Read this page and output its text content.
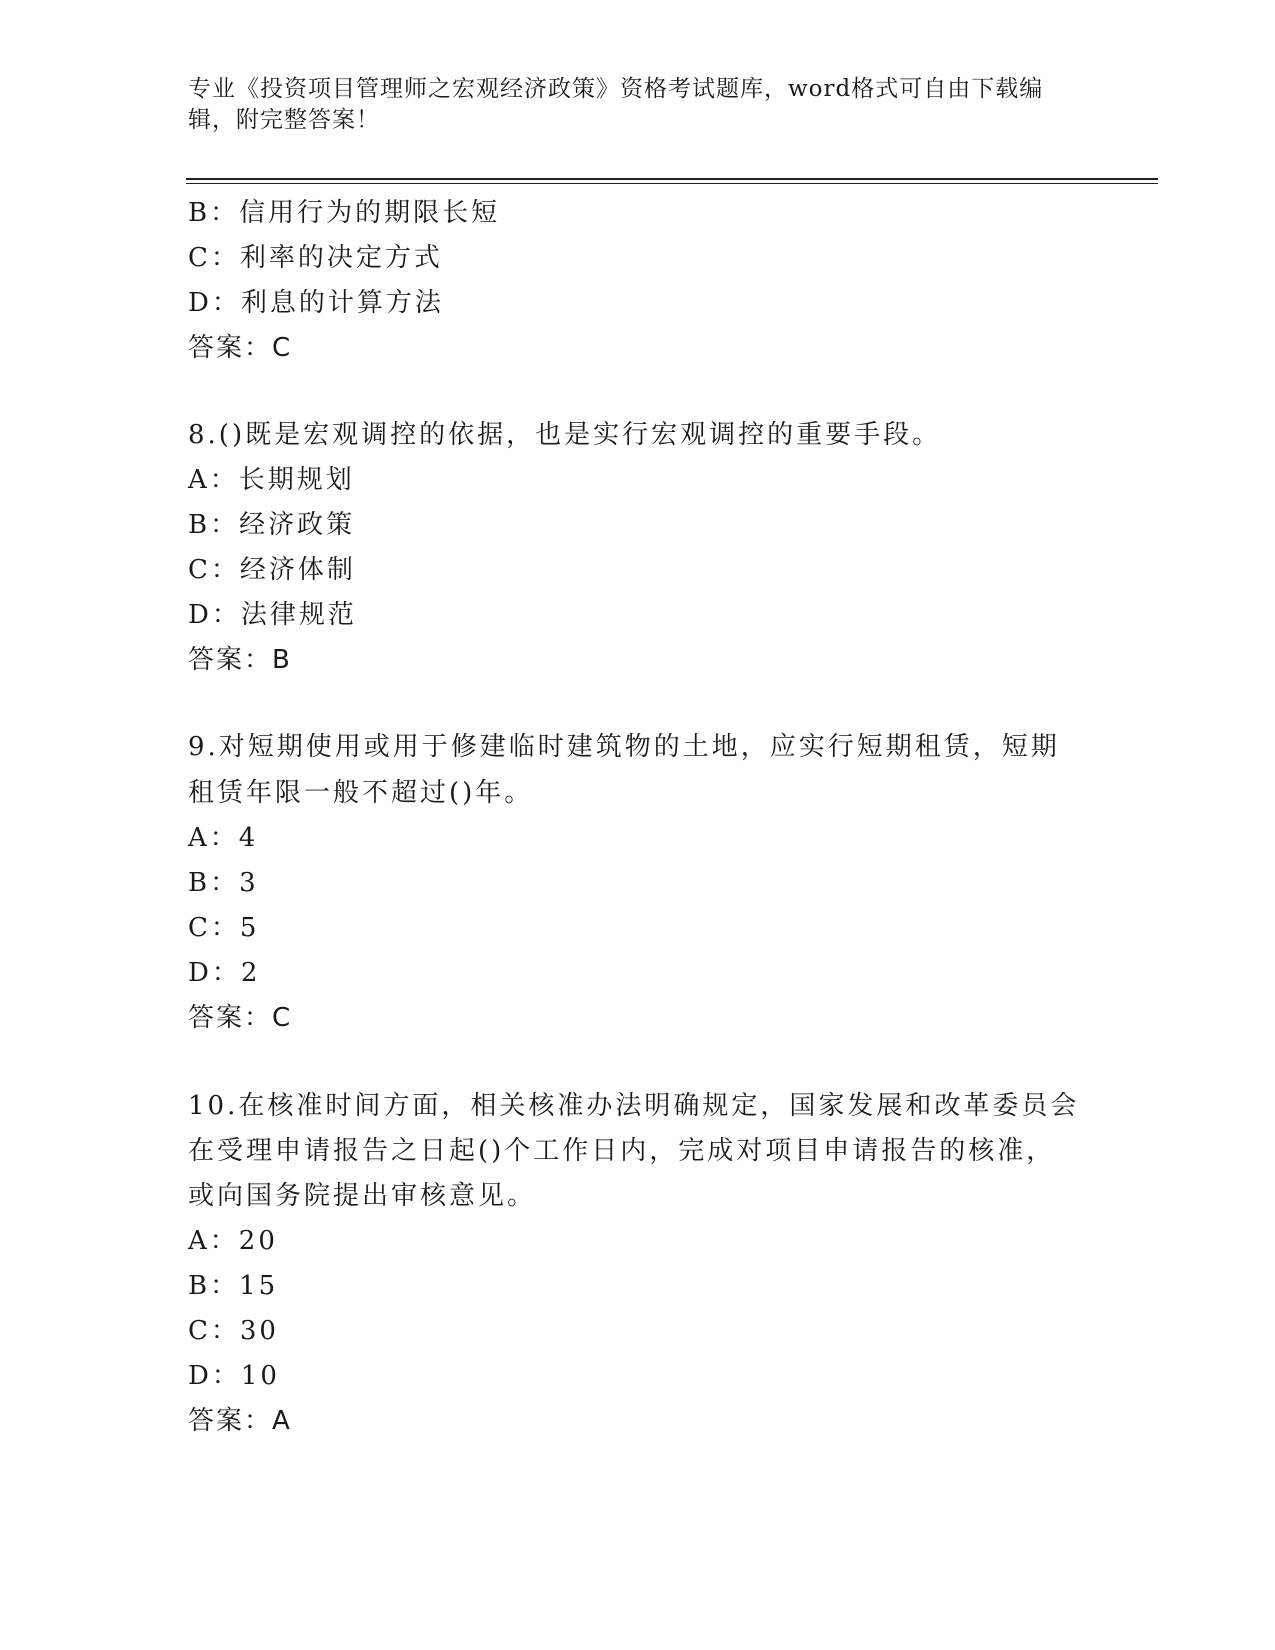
专业《投资项目管理师之宏观经济政策》资格考试题库，word格式可自由下载编
辑，附完整答案！
B：信用行为的期限长短
C：利率的决定方式
D：利息的计算方法
答案：C
8.()既是宏观调控的依据，也是实行宏观调控的重要手段。
A：长期规划
B：经济政策
C：经济体制
D：法律规范
答案：B
9.对短期使用或用于修建临时建筑物的土地，应实行短期租赁，短期
租赁年限一般不超过()年。
A：4
B：3
C：5
D：2
答案：C
10.在核准时间方面，相关核准办法明确规定，国家发展和改革委员会
在受理申请报告之日起()个工作日内，完成对项目申请报告的核准，
或向国务院提出审核意见。
A：20
B：15
C：30
D：10
答案：A
